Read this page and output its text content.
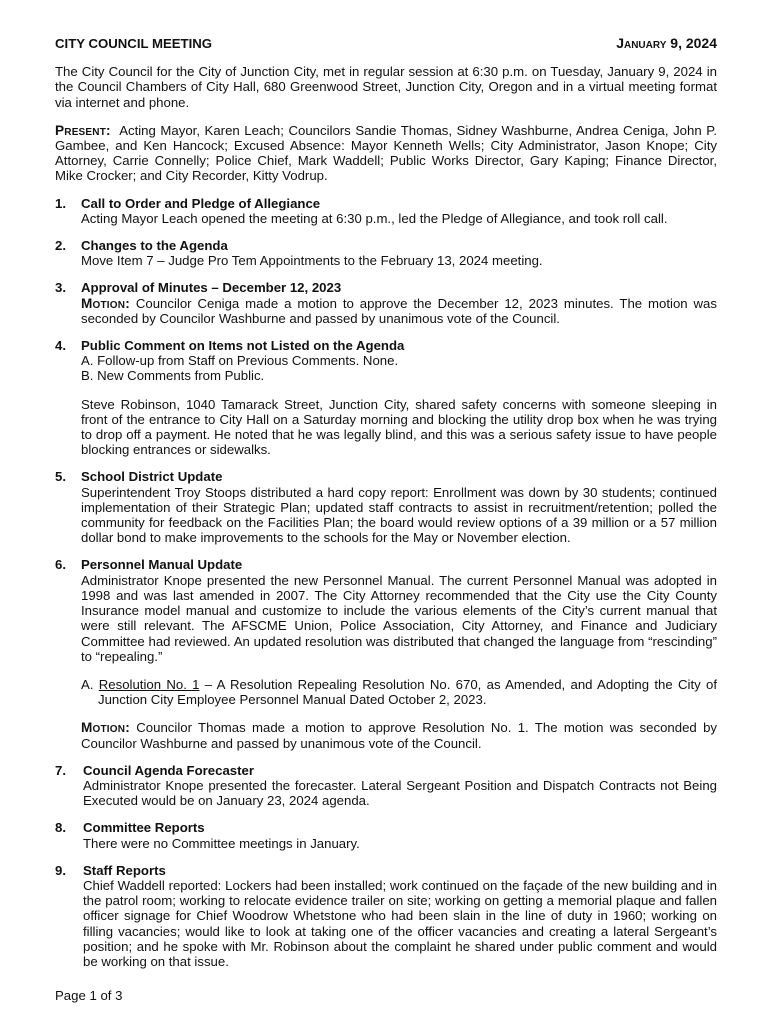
CITY COUNCIL MEETING	January 9, 2024
The City Council for the City of Junction City, met in regular session at 6:30 p.m. on Tuesday, January 9, 2024 in the Council Chambers of City Hall, 680 Greenwood Street, Junction City, Oregon and in a virtual meeting format via internet and phone.
Present: Acting Mayor, Karen Leach; Councilors Sandie Thomas, Sidney Washburne, Andrea Ceniga, John P. Gambee, and Ken Hancock; Excused Absence: Mayor Kenneth Wells; City Administrator, Jason Knope; City Attorney, Carrie Connelly; Police Chief, Mark Waddell; Public Works Director, Gary Kaping; Finance Director, Mike Crocker; and City Recorder, Kitty Vodrup.
1.	Call to Order and Pledge of Allegiance
Acting Mayor Leach opened the meeting at 6:30 p.m., led the Pledge of Allegiance, and took roll call.
2.	Changes to the Agenda
Move Item 7 – Judge Pro Tem Appointments to the February 13, 2024 meeting.
3.	Approval of Minutes – December 12, 2023
Motion: Councilor Ceniga made a motion to approve the December 12, 2023 minutes. The motion was seconded by Councilor Washburne and passed by unanimous vote of the Council.
4.	Public Comment on Items not Listed on the Agenda
A. Follow-up from Staff on Previous Comments. None.
B. New Comments from Public.
Steve Robinson, 1040 Tamarack Street, Junction City, shared safety concerns with someone sleeping in front of the entrance to City Hall on a Saturday morning and blocking the utility drop box when he was trying to drop off a payment. He noted that he was legally blind, and this was a serious safety issue to have people blocking entrances or sidewalks.
5.	School District Update
Superintendent Troy Stoops distributed a hard copy report: Enrollment was down by 30 students; continued implementation of their Strategic Plan; updated staff contracts to assist in recruitment/retention; polled the community for feedback on the Facilities Plan; the board would review options of a 39 million or a 57 million dollar bond to make improvements to the schools for the May or November election.
6.	Personnel Manual Update
Administrator Knope presented the new Personnel Manual. The current Personnel Manual was adopted in 1998 and was last amended in 2007. The City Attorney recommended that the City use the City County Insurance model manual and customize to include the various elements of the City’s current manual that were still relevant. The AFSCME Union, Police Association, City Attorney, and Finance and Judiciary Committee had reviewed. An updated resolution was distributed that changed the language from “rescinding” to “repealing.”
A. Resolution No. 1 – A Resolution Repealing Resolution No. 670, as Amended, and Adopting the City of Junction City Employee Personnel Manual Dated October 2, 2023.
Motion: Councilor Thomas made a motion to approve Resolution No. 1. The motion was seconded by Councilor Washburne and passed by unanimous vote of the Council.
7.	Council Agenda Forecaster
Administrator Knope presented the forecaster. Lateral Sergeant Position and Dispatch Contracts not Being Executed would be on January 23, 2024 agenda.
8.	Committee Reports
There were no Committee meetings in January.
9.	Staff Reports
Chief Waddell reported: Lockers had been installed; work continued on the façade of the new building and in the patrol room; working to relocate evidence trailer on site; working on getting a memorial plaque and fallen officer signage for Chief Woodrow Whetstone who had been slain in the line of duty in 1960; working on filling vacancies; would like to look at taking one of the officer vacancies and creating a lateral Sergeant’s position; and he spoke with Mr. Robinson about the complaint he shared under public comment and would be working on that issue.
Page 1 of 3
